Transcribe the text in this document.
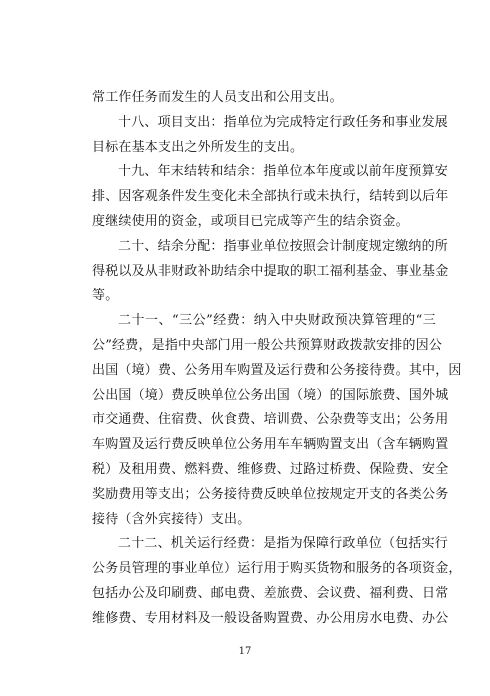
常工作任务而发生的人员支出和公用支出。
十八、项目支出：指单位为完成特定行政任务和事业发展
目标在基本支出之外所发生的支出。
十九、年末结转和结余：指单位本年度或以前年度预算安
排、因客观条件发生变化未全部执行或未执行，结转到以后年
度继续使用的资金，或项目已完成等产生的结余资金。
二十、结余分配：指事业单位按照会计制度规定缴纳的所
得税以及从非财政补助结余中提取的职工福利基金、事业基金
等。
二十一、“三公”经费：纳入中央财政预决算管理的“三
公”经费，是指中央部门用一般公共预算财政拨款安排的因公
出国（境）费、公务用车购置及运行费和公务接待费。其中，因
公出国（境）费反映单位公务出国（境）的国际旅费、国外城
市交通费、住宿费、伙食费、培训费、公杂费等支出；公务用
车购置及运行费反映单位公务用车车辆购置支出（含车辆购置
税）及租用费、燃料费、维修费、过路过桥费、保险费、安全
奖励费用等支出；公务接待费反映单位按规定开支的各类公务
接待（含外宾接待）支出。
二十二、机关运行经费：是指为保障行政单位（包括实行
公务员管理的事业单位）运行用于购买货物和服务的各项资金，
包括办公及印刷费、邮电费、差旅费、会议费、福利费、日常
维修费、专用材料及一般设备购置费、办公用房水电费、办公
17
